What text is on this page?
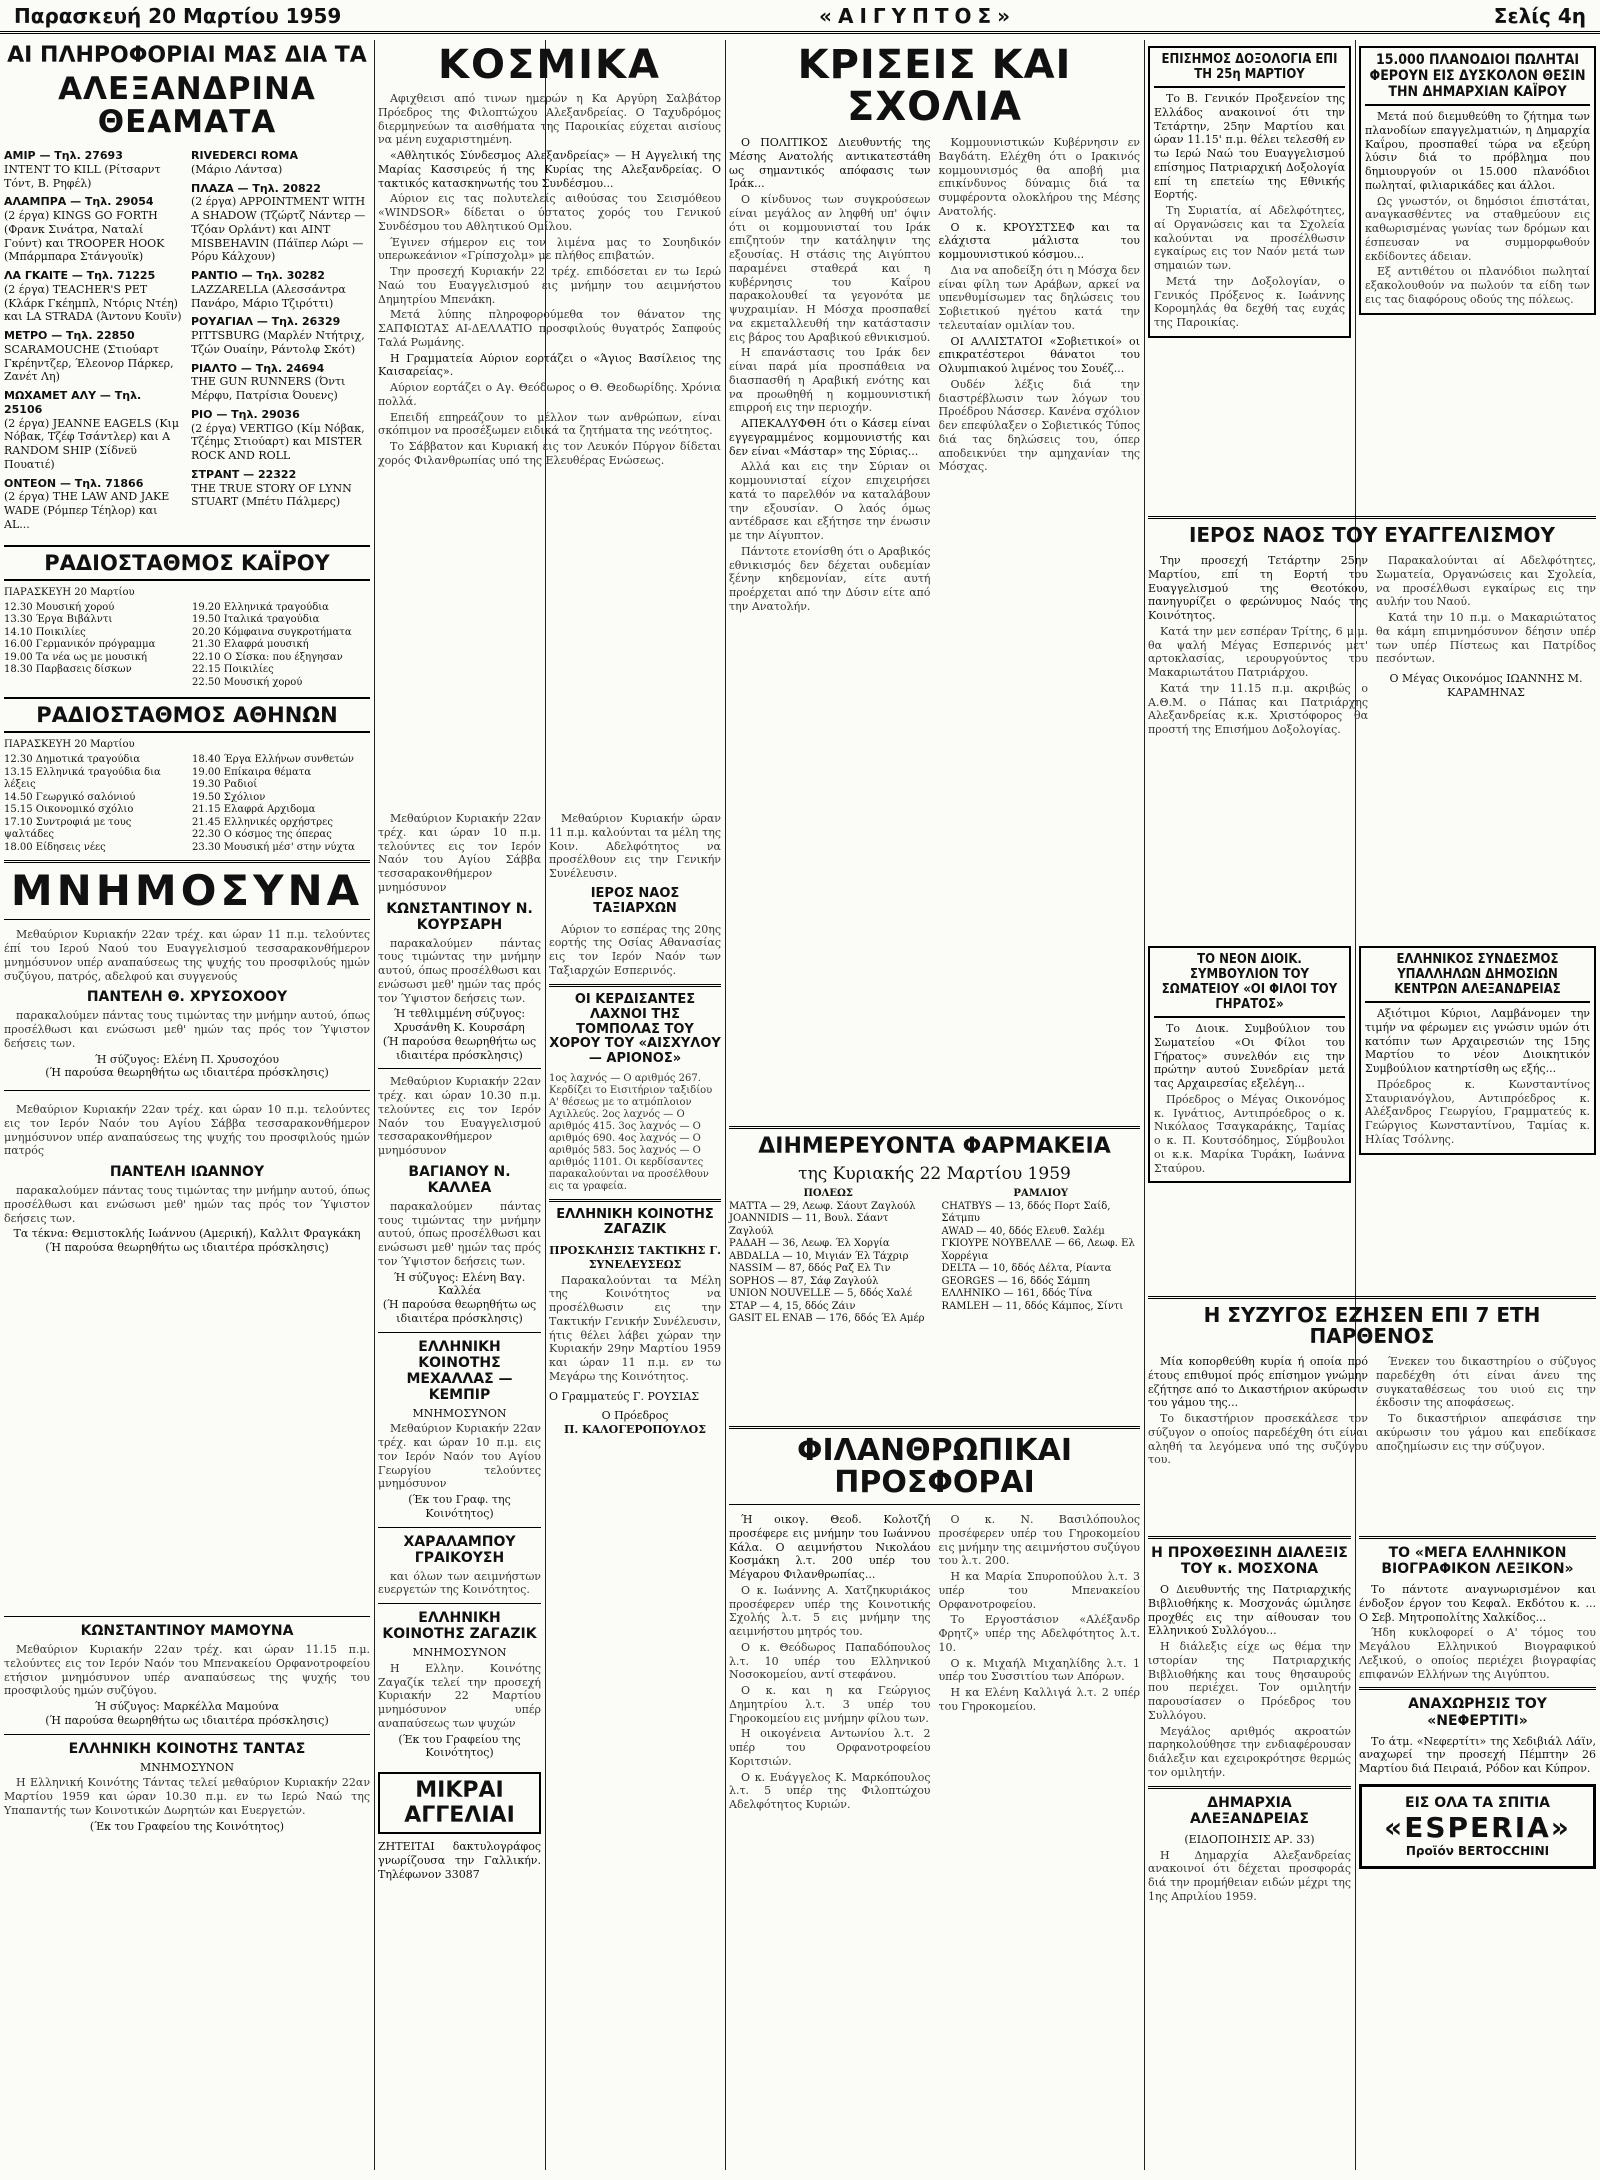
Παρασκευή 20 Μαρτίου 1959	«ΑΙΓΥΠΤΟΣ»	Σελίς 4η
ΑΙ ΠΛΗΡΟΦΟΡΙΑΙ ΜΑΣ ΔΙΑ ΤΑ
ΑΛΕΞΑΝΔΡΙΝΑ ΘΕΑΜΑΤΑ
ΑΜΙΡ — Τηλ. 27693
INTENT TO KILL (Ρίτσαρντ Τόντ, Β. Ρηφέλ)
ΑΛΑΜΠΡΑ — Τηλ. 29054
(2 έργα) KINGS GO FORTH (Φρανκ Σινάτρα, Ναταλί Γούντ) και TROOPER HOOK (Μπάρμπαρα Στάνγουϊκ)
ΛΑ ΓΚΑΙΤΕ — Τηλ. 71225
(2 έργα) TEACHER'S PET (Κλάρκ Γκέημπλ, Ντόρις Ντέη) και LA STRADA (Άντονυ Κουϊν)
ΜΕΤΡΟ — Τηλ. 22850
SCARAMOUCHE (Στιούαρτ Γκρέηντζερ, Έλεονορ Πάρκερ, Ζανέτ Λη)
ΜΩΧΑΜΕΤ ΑΛΥ — Τηλ. 25106
(2 έργα) JEANNE EAGELS (Κιμ Νόβακ, Τζέφ Τσάντλερ) και A RANDOM SHIP (Σίδνεϋ Πουατιέ)
ΟΝΤΕΟΝ — Τηλ. 71866
(2 έργα) THE LAW AND JAKE WADE (Ρόμπερ Τέηλορ) και AL...
RIVEDERCI ROMA
(Μάριο Λάντσα)
ΠΛΑΖΑ — Τηλ. 20822
(2 έργα) APPOINTMENT WITH A SHADOW (Τζώρτζ Νάντερ — Τζόαν Ορλάντ) και AINT MISBEHAVIN (Πάϊπερ Λώρι — Ρόρυ Κάλχουν)
ΡΑΝΤΙΟ — Τηλ. 30282
LAZZARELLA (Αλεσσάντρα Πανάρο, Μάριο Τζιρόττι)
ΡΟΥΑΓΙΑΛ — Τηλ. 26329
PITTSBURG (Μαρλέν Ντήτριχ, Τζών Ουαίην, Ράντολφ Σκότ)
ΡΙΑΛΤΟ — Τηλ. 24694
THE GUN RUNNERS (Όντι Μέρφυ, Πατρίσια Όουενς)
ΡΙΟ — Τηλ. 29036
(2 έργα) VERTIGO (Κίμ Νόβακ, Τζέημς Στιούαρτ) και MISTER ROCK AND ROLL
ΣΤΡΑΝΤ — 22322
THE TRUE STORY OF LYNN STUART (Μπέτυ Πάλμερς)
ΡΑΔΙΟΣΤΑΘΜΟΣ ΚΑΪΡΟΥ
ΠΑΡΑΣΚΕΥΗ 20 Μαρτίου
12.30 Μουσική χορού
13.30 Έργα Βιβάλντι
14.10 Ποικιλίες
16.00 Γερμανικόν πρόγραμμα
19.00 Τα νέα ως με μουσική
18.30 Παρβασεις δίσκων
19.20 Ελληνικά τραγούδια
19.50 Ιταλικά τραγούδια
20.20 Κόμφαινα συγκροτήματα
21.30 Ελαφρά μουσική
22.10 Ο Σίσκα: που έξηγησαν
22.15 Ποικιλίες
22.50 Μουσική χορού
ΡΑΔΙΟΣΤΑΘΜΟΣ ΑΘΗΝΩΝ
ΠΑΡΑΣΚΕΥΗ 20 Μαρτίου
12.30 Δημοτικά τραγούδια
13.15 Ελληνικά τραγούδια δια λέξεις
14.50 Γεωργικό σαλόνιού
15.15 Οικονομικό σχόλιο
17.10 Συντροφιά με τους ψαλτάδες
18.00 Είδησεις νέες
18.40 Έργα Ελλήνων συνθετών
19.00 Επίκαιρα θέματα
19.30 Ραδιοί
19.50 Σχόλιον
21.15 Ελαφρά Αρχιδομα
21.45 Ελληνικές ορχήστρες
22.30 Ο κόσμος της όπερας
23.30 Μουσική μέσ' στην νύχτα
ΜΝΗΜΟΣΥΝΑ
Μεθαύριον Κυριακήν 22αν τρέχ. και ώραν 11 π.μ. τελούντες έπί του Ιερού Ναού του Ευαγγελισμού τεσσαρακονθήμερον μνημόσυνον υπέρ αναπαύσεως της ψυχής του προσφιλούς ημών συζύγου, πατρός, αδελφού και συγγενούς
ΠΑΝΤΕΛΗ Θ. ΧΡΥΣΟΧΟΟΥ
παρακαλούμεν πάντας τους τιμώντας την μνήμην αυτού, όπως προσέλθωσι και ενώσωσι μεθ' ημών τας πρός τον Ύψιστον δεήσεις των.
Ή σύζυγος: Ελένη Π. Χρυσοχόου
(Ή παρούσα θεωρηθήτω ως ιδιαιτέρα πρόσκλησις)
Μεθαύριον Κυριακήν 22αν τρέχ. και ώραν 10 π.μ. τελούντες εις τον Ιερόν Ναόν του Αγίου Σάββα τεσσαρακονθήμερον μνημόσυνον υπέρ αναπαύσεως της ψυχής του προσφιλούς ημών πατρός
ΠΑΝΤΕΛΗ ΙΩΑΝΝΟΥ
παρακαλούμεν πάντας τους τιμώντας την μνήμην αυτού, όπως προσέλθωσι και ενώσωσι μεθ' ημών τας πρός τον Ύψιστον δεήσεις των.
Τα τέκνα: Θεμιστοκλής Ιωάννου (Αμερική), Καλλιτ Φραγκάκη
(Ή παρούσα θεωρηθήτω ως ιδιαιτέρα πρόσκλησις)
Μεθαύριον Κυριακήν 22αν τρέχ. και ώραν 10 π.μ. τελούντες εις τον Ιερόν Ναόν του Αγίου Σάββα τεσσαρακονθήμερον μνημόσυνον
ΚΩΝΣΤΑΝΤΙΝΟΥ Ν. ΚΟΥΡΣΑΡΗ
παρακαλούμεν πάντας τους τιμώντας την μνήμην αυτού, όπως προσέλθωσι και ενώσωσι μεθ' ημών τας πρός τον Ύψιστον δεήσεις των.
Ή τεθλιμμένη σύζυγος: Χρυσάνθη Κ. Κουρσάρη
(Ή παρούσα θεωρηθήτω ως ιδιαιτέρα πρόσκλησις)
Μεθαύριον Κυριακήν 22αν τρέχ. και ώραν 10.30 π.μ. τελούντες εις τον Ιερόν Ναόν του Ευαγγελισμού τεσσαρακονθήμερον μνημόσυνον
ΒΑΓΙΑΝΟΥ Ν. ΚΑΛΛΕΑ
παρακαλούμεν πάντας τους τιμώντας την μνήμην αυτού, όπως προσέλθωσι και ενώσωσι μεθ' ημών τας πρός τον Ύψιστον δεήσεις των.
Ή σύζυγος: Ελένη Βαγ. Καλλέα
(Ή παρούσα θεωρηθήτω ως ιδιαιτέρα πρόσκλησις)
ΕΛΛΗΝΙΚΗ ΚΟΙΝΟΤΗΣ ΜΕΧΑΛΛΑΣ — ΚΕΜΠΙΡ
ΜΝΗΜΟΣΥΝΟΝ
Μεθαύριον Κυριακήν 22αν τρέχ. και ώραν 10 π.μ. εις τον Ιερόν Ναόν του Αγίου Γεωργίου τελούντες μνημόσυνον
(Έκ του Γραφ. της Κοινότητος)
ΧΑΡΑΛΑΜΠΟΥ ΓΡΑΙΚΟΥΣΗ
και όλων των αειμνήστων ευεργετών της Κοινότητος.
ΕΛΛΗΝΙΚΗ ΚΟΙΝΟΤΗΣ ΖΑΓΑΖΙΚ
ΜΝΗΜΟΣΥΝΟΝ
Η Ελλην. Κοινότης Ζαγαζίκ τελεί την προσεχή Κυριακήν 22 Μαρτίου μνημόσυνον υπέρ αναπαύσεως των ψυχών
(Έκ του Γραφείου της Κοινότητος)
ΜΙΚΡΑΙ
ΑΓΓΕΛΙΑΙ
ΖΗΤΕΙΤΑΙ δακτυλογράφος γνωρίζουσα την Γαλλικήν. Τηλέφωνον 33087
ΚΩΝΣΤΑΝΤΙΝΟΥ ΜΑΜΟΥΝΑ
Μεθαύριον Κυριακήν 22αν τρέχ. και ώραν 11.15 π.μ. τελούντες εις τον Ιερόν Ναόν του Μπενακείου Ορφανοτροφείου ετήσιον μνημόσυνον υπέρ αναπαύσεως της ψυχής του προσφιλούς ημών συζύγου.
Ή σύζυγος: Μαρκέλλα Μαμούνα
(Ή παρούσα θεωρηθήτω ως ιδιαιτέρα πρόσκλησις)
ΕΛΛΗΝΙΚΗ ΚΟΙΝΟΤΗΣ ΤΑΝΤΑΣ
ΜΝΗΜΟΣΥΝΟΝ
Η Ελληνική Κοινότης Τάντας τελεί μεθαύριον Κυριακήν 22αν Μαρτίου 1959 και ώραν 10.30 π.μ. εν τω Ιερώ Ναώ της Υπαπαντής των Κοινοτικών Δωρητών και Ευεργετών.
(Έκ του Γραφείου της Κοινότητος)
ΚΟΣΜΙΚΑ
Αφιχθεισι από τινων ημερών η Κα Αργύρη Σαλβάτορ Πρόεδρος της Φιλοπτώχου Αλεξανδρείας. Ο Ταχυδρόμος διερμηνεύων τα αισθήματα της Παροικίας εύχεται αισίους να μένη ευχαριστημένη.
«Αθλητικός Σύνδεσμος Αλεξανδρείας» — Η Αγγελική της Μαρίας Κασσιρεύς ή της Κυρίας της Αλεξανδρείας. Ο τακτικός κατασκηνωτής του Συνδέσμου...
Αύριον εις τας πολυτελείς αιθούσας του Σεισμόθεου «WINDSOR» δίδεται ο ύστατος χορός του Γενικού Συνδέσμου του Αθλητικού Ομίλου.
Έγινεν σήμερον εις τον λιμένα μας το Σουηδικόν υπερωκεάνιον «Γρίπσχολμ» με πλήθος επιβατών.
Την προσεχή Κυριακήν 22 τρέχ. επιδόσεται εν τω Ιερώ Ναώ του Ευαγγελισμού εις μνήμην του αειμνήστου Δημητρίου Μπενάκη.
Μετά λύπης πληροφορούμεθα τον θάνατον της ΣΑΠΦΙΩΤΑΣ ΑΙ-ΔΕΛΛΑΤΙΟ προσφιλούς θυγατρός Σαπφούς Ταλά Ρωμάνης.
Η Γραμματεία Αύριον εορτάζει ο «Άγιος Βασίλειος της Καισαρείας».
Αύριον εορτάζει ο Αγ. Θεόδωρος ο Θ. Θεοδωρίδης. Χρόνια πολλά.
Επειδή επηρεάζουν το μέλλον των ανθρώπων, είναι σκόπιμον να προσέξωμεν ειδικά τα ζητήματα της νεότητος.
Το Σάββατον και Κυριακή εις τον Λευκόν Πύργον δίδεται χορός Φιλανθρωπίας υπό της Ελευθέρας Ενώσεως.
Μεθαύριον Κυριακήν ώραν 11 π.μ. καλούνται τα μέλη της Κοιν. Αδελφότητος να προσέλθουν εις την Γενικήν Συνέλευσιν.
ΙΕΡΟΣ ΝΑΟΣ ΤΑΞΙΑΡΧΩΝ
Αύριον το εσπέρας της 20ης εορτής της Οσίας Αθανασίας εις τον Ιερόν Ναόν των Ταξιαρχών Εσπερινός.
ΟΙ ΚΕΡΔΙΣΑΝΤΕΣ ΛΑΧΝΟΙ ΤΗΣ ΤΟΜΠΟΛΑΣ ΤΟΥ ΧΟΡΟΥ ΤΟΥ «ΑΙΣΧΥΛΟΥ — ΑΡΙΟΝΟΣ»
1ος λαχνός — Ο αριθμός 267. Κερδίζει το Εισιτήριον ταξιδίου Α' θέσεως με το ατμόπλοιον Αχιλλεύς. 2ος λαχνός — Ο αριθμός 415. 3ος λαχνός — Ο αριθμός 690. 4ος λαχνός — Ο αριθμός 583. 5ος λαχνός — Ο αριθμός 1101. Οι κερδίσαντες παρακαλούνται να προσέλθουν εις τα γραφεία.
ΕΛΛΗΝΙΚΗ ΚΟΙΝΟΤΗΣ ΖΑΓΑΖΙΚ
ΠΡΟΣΚΛΗΣΙΣ ΤΑΚΤΙΚΗΣ Γ. ΣΥΝΕΛΕΥΣΕΩΣ
Παρακαλούνται τα Μέλη της Κοινότητος να προσέλθωσιν εις την Τακτικήν Γενικήν Συνέλευσιν, ήτις θέλει λάβει χώραν την Κυριακήν 29ην Μαρτίου 1959 και ώραν 11 π.μ. εν τω Μεγάρω της Κοινότητος.
Ο Γραμματεύς Γ. ΡΟΥΣΙΑΣ
Ο Πρόεδρος
Π. ΚΑΛΟΓΕΡΟΠΟΥΛΟΣ
ΚΡΙΣΕΙΣ ΚΑΙ ΣΧΟΛΙΑ
Ο ΠΟΛΙΤΙΚΟΣ Διευθυντής της Μέσης Ανατολής αντικατεστάθη ως σημαντικός απόφασις των Ιράκ...
Ο κίνδυνος των συγκρούσεων είναι μεγάλος αν ληφθή υπ' όψιν ότι οι κομμουνισταί του Ιράκ επιζητούν την κατάληψιν της εξουσίας. Η στάσις της Αιγύπτου παραμένει σταθερά και η κυβέρνησις του Καΐρου παρακολουθεί τα γεγονότα με ψυχραιμίαν. Η Μόσχα προσπαθεί να εκμεταλλευθή την κατάστασιν εις βάρος του Αραβικού εθνικισμού.
Η επανάστασις του Ιράκ δεν είναι παρά μία προσπάθεια να διασπασθή η Αραβική ενότης και να προωθηθή η κομμουνιστική επιρροή εις την περιοχήν.
ΑΠΕΚΑΛΥΦΘΗ ότι ο Κάσεμ είναι εγγεγραμμένος κομμουνιστής και δεν είναι «Μάσταρ» της Σύριας...
Αλλά και εις την Σύριαν οι κομμουνισταί είχον επιχειρήσει κατά το παρελθόν να καταλάβουν την εξουσίαν. Ο λαός όμως αντέδρασε και εξήτησε την ένωσιν με την Αίγυπτον.
Πάντοτε ετονίσθη ότι ο Αραβικός εθνικισμός δεν δέχεται ουδεμίαν ξένην κηδεμονίαν, είτε αυτή προέρχεται από την Δύσιν είτε από την Ανατολήν.
Κομμουνιστικών Κυβέρνησιν εν Βαγδάτη. Ελέχθη ότι ο Ιρακινός κομμουνισμός θα αποβή μια επικίνδυνος δύναμις διά τα συμφέροντα ολοκλήρου της Μέσης Ανατολής.
Ο κ. ΚΡΟΥΣΤΣΕΦ και τα ελάχιστα μάλιστα του κομμουνιστικού κόσμου...
Δια να αποδείξη ότι η Μόσχα δεν είναι φίλη των Αράβων, αρκεί να υπενθυμίσωμεν τας δηλώσεις του Σοβιετικού ηγέτου κατά την τελευταίαν ομιλίαν του.
ΟΙ ΑΛΛΙΣΤΑΤΟΙ «Σοβιετικοί» οι επικρατέστεροι θάνατοι του Ολυμπιακού λιμένος του Σουέζ...
Ουδέν λέξις διά την διαστρέβλωσιν των λόγων του Προέδρου Νάσσερ. Κανένα σχόλιον δεν επεφύλαξεν ο Σοβιετικός Τύπος διά τας δηλώσεις του, όπερ αποδεικνύει την αμηχανίαν της Μόσχας.
ΔΙΗΜΕΡΕΥΟΝΤΑ ΦΑΡΜΑΚΕΙΑ
της Κυριακής 22 Μαρτίου 1959
ΠΟΛΕΩΣ
ΜΑΤΤΑ — 29, Λεωφ. Σάουτ Ζαγλούλ
JOANNIDIS — 11, Βουλ. Σάαντ Ζαγλούλ
ΡΑΔΑΗ — 36, Λεωφ. Έλ Χοργία
ABDALLA — 10, Μιγιάν Έλ Τάχριρ
NASSIM — 87, δδός Ραζ Ελ Τιν
SOPHOS — 87, Σάφ Ζαγλούλ
UNION NOUVELLE — 5, δδός Χαλέ
ΣΤΑΡ — 4, 15, δδός Ζάιν
GASIT EL ENAB — 176, δδός Έλ Αμέρ
ΡΑΜΛΙΟΥ
CHATBYS — 13, δδός Πορτ Σαίδ, Σάτμπυ
AWAD — 40, δδός Ελευθ. Σαλέμ
ΓΚΙΟΥΡΕ ΝΟΥΒΕΛΛΕ — 66, Λεωφ. Ελ Χορρέγια
DELTA — 10, δδός Δέλτα, Ρίαντα
GEORGES — 16, δδός Σάμπη
ΕΛΛΗΝΙΚΟ — 161, δδός Τίνα
RAMLEH — 11, δδός Κάμπος, Σίντι
ΦΙΛΑΝΘΡΩΠΙΚΑΙ ΠΡΟΣΦΟΡΑΙ
Ή οικογ. Θεοδ. Κολοτζή προσέφερε εις μνήμην του Ιωάννου Κάλα. Ο αειμνήστου Νικολάου Κοσμάκη λ.τ. 200 υπέρ του Μέγαρου Φιλανθρωπίας...
Ο κ. Ιωάννης Α. Χατζηκυριάκος προσέφερεν υπέρ της Κοινοτικής Σχολής λ.τ. 5 εις μνήμην της αειμνήστου μητρός του.
Ο κ. Θεόδωρος Παπαδόπουλος λ.τ. 10 υπέρ του Ελληνικού Νοσοκομείου, αντί στεφάνου.
Ο κ. και η κα Γεώργιος Δημητρίου λ.τ. 3 υπέρ του Γηροκομείου εις μνήμην φίλου των.
Η οικογένεια Αντωνίου λ.τ. 2 υπέρ του Ορφανοτροφείου Κοριτσιών.
Ο κ. Ευάγγελος Κ. Μαρκόπουλος λ.τ. 5 υπέρ της Φιλοπτώχου Αδελφότητος Κυριών.
Ο κ. Ν. Βασιλόπουλος προσέφερεν υπέρ του Γηροκομείου εις μνήμην της αειμνήστου συζύγου του λ.τ. 200.
Η κα Μαρία Σπυροπούλου λ.τ. 3 υπέρ του Μπενακείου Ορφανοτροφείου.
Το Εργοστάσιον «Αλέξανδρ Φρητζ» υπέρ της Αδελφότητος λ.τ. 10.
Ο κ. Μιχαήλ Μιχαηλίδης λ.τ. 1 υπέρ του Συσσιτίου των Απόρων.
Η κα Ελένη Καλλιγά λ.τ. 2 υπέρ του Γηροκομείου.
ΕΠΙΣΗΜΟΣ ΔΟΞΟΛΟΓΙΑ ΕΠΙ ΤΗ 25η ΜΑΡΤΙΟΥ
Το Β. Γενικόν Προξενείον της Ελλάδος ανακοινοί ότι την Τετάρτην, 25ην Μαρτίου και ώραν 11.15' π.μ. θέλει τελεσθή εν τω Ιερώ Ναώ του Ευαγγελισμού επίσημος Πατριαρχική Δοξολογία επί τη επετείω της Εθνικής Εορτής.
Τη Συριατία, αί Αδελφότητες, αί Οργανώσεις και τα Σχολεία καλούνται να προσέλθωσιν εγκαίρως εις τον Ναόν μετά των σημαιών των.
Μετά την Δοξολογίαν, ο Γενικός Πρόξενος κ. Ιωάννης Κορομηλάς θα δεχθή τας ευχάς της Παροικίας.
15.000 ΠΛΑΝΟΔΙΟΙ ΠΩΛΗΤΑΙ ΦΕΡΟΥΝ ΕΙΣ ΔΥΣΚΟΛΟΝ ΘΕΣΙΝ ΤΗΝ ΔΗΜΑΡΧΙΑΝ ΚΑΪΡΟΥ
Μετά πού διεμυθεύθη το ζήτημα των πλανοδίων επαγγελματιών, η Δημαρχία Καΐρου, προσπαθεί τώρα να εξεύρη λύσιν διά το πρόβλημα που δημιουργούν οι 15.000 πλανόδιοι πωληταί, φιλιαρικάδες και άλλοι.
Ως γνωστόν, οι δημόσιοι έπιστάται, αναγκασθέντες να σταθμεύουν εις καθωρισμένας γωνίας των δρόμων και έσπευσαν να συμμορφωθούν εκδίδοντες άδειαν.
Εξ αντιθέτου οι πλανόδιοι πωληταί εξακολουθούν να πωλούν τα είδη των εις τας διαφόρους οδούς της πόλεως.
ΙΕΡΟΣ ΝΑΟΣ ΤΟΥ ΕΥΑΓΓΕΛΙΣΜΟΥ
Την προσεχή Τετάρτην 25ην Μαρτίου, επί τη Εορτή του Ευαγγελισμού της Θεοτόκου, πανηγυρίζει ο φερώνυμος Ναός της Κοινότητος.
Κατά την μεν εσπέραν Τρίτης, 6 μ.μ. θα ψαλή Μέγας Εσπερινός μετ' αρτοκλασίας, ιερουργούντος του Μακαριωτάτου Πατριάρχου.
Κατά την 11.15 π.μ. ακριβώς ο Α.Θ.Μ. ο Πάπας και Πατριάρχης Αλεξανδρείας κ.κ. Χριστόφορος θα προστή της Επισήμου Δοξολογίας.
Παρακαλούνται αί Αδελφότητες, Σωματεία, Οργανώσεις και Σχολεία, να προσέλθωσι εγκαίρως εις την αυλήν του Ναού.
Κατά την 10 π.μ. ο Μακαριώτατος θα κάμη επιμνημόσυνον δέησιν υπέρ των υπέρ Πίστεως και Πατρίδος πεσόντων.
Ο Μέγας Οικονόμος ΙΩΑΝΝΗΣ Μ. ΚΑΡΑΜΗΝΑΣ
ΤΟ ΝΕΟΝ ΔΙΟΙΚ. ΣΥΜΒΟΥΛΙΟΝ ΤΟΥ ΣΩΜΑΤΕΙΟΥ «ΟΙ ΦΙΛΟΙ ΤΟΥ ΓΗΡΑΤΟΣ»
Το Διοικ. Συμβούλιον του Σωματείου «Οι Φίλοι του Γήρατος» συνελθόν εις την πρώτην αυτού Συνεδρίαν μετά τας Αρχαιρεσίας εξελέγη...
Πρόεδρος ο Μέγας Οικονόμος κ. Ιγνάτιος, Αντιπρόεδρος ο κ. Νικόλαος Τσαγκαράκης, Ταμίας ο κ. Π. Κουτσόδημος, Σύμβουλοι οι κ.κ. Μαρίκα Τυράκη, Ιωάννα Σταύρου.
ΕΛΛΗΝΙΚΟΣ ΣΥΝΔΕΣΜΟΣ ΥΠΑΛΛΗΛΩΝ ΔΗΜΟΣΙΩΝ ΚΕΝΤΡΩΝ ΑΛΕΞΑΝΔΡΕΙΑΣ
Αξιότιμοι Κύριοι, Λαμβάνομεν την τιμήν να φέρωμεν εις γνώσιν υμών ότι κατόπιν των Αρχαιρεσιών της 15ης Μαρτίου το νέον Διοικητικόν Συμβούλιον κατηρτίσθη ως εξής...
Πρόεδρος κ. Κωνσταντίνος Σταυριανόγλου, Αντιπρόεδρος κ. Αλέξανδρος Γεωργίου, Γραμματεύς κ. Γεώργιος Κωνσταντίνου, Ταμίας κ. Ηλίας Τσόλνης.
Η ΣΥΖΥΓΟΣ ΕΖΗΣΕΝ ΕΠΙ 7 ΕΤΗ ΠΑΡΘΕΝΟΣ
Μία κοπορθεύθη κυρία ή οποία πρό έτους επιθυμοί πρός επίσημον γνώμην εζήτησε από το Δικαστήριον ακύρωσιν του γάμου της...
Το δικαστήριον προσεκάλεσε τον σύζυγον ο οποίος παρεδέχθη ότι είναι αληθή τα λεγόμενα υπό της συζύγου του.
Ένεκεν του δικαστηρίου ο σύζυγος παρεδέχθη ότι είναι άνευ της συγκαταθέσεως του υιού εις την έκδοσιν της αποφάσεως.
Το δικαστήριον απεφάσισε την ακύρωσιν του γάμου και επεδίκασε αποζημίωσιν εις την σύζυγον.
Η ΠΡΟΧΘΕΣΙΝΗ ΔΙΑΛΕΞΙΣ ΤΟΥ κ. ΜΟΣΧΟΝΑ
Ο Διευθυντής της Πατριαρχικής Βιβλιοθήκης κ. Μοσχονάς ώμιλησε προχθές εις την αίθουσαν του Ελληνικού Συλλόγου...
Η διάλεξις είχε ως θέμα την ιστορίαν της Πατριαρχικής Βιβλιοθήκης και τους θησαυρούς που περιέχει. Τον ομιλητήν παρουσίασεν ο Πρόεδρος του Συλλόγου.
Μεγάλος αριθμός ακροατών παρηκολούθησε την ενδιαφέρουσαν διάλεξιν και εχειροκρότησε θερμώς τον ομιλητήν.
ΔΗΜΑΡΧΙΑ ΑΛΕΞΑΝΔΡΕΙΑΣ
(ΕΙΔΟΠΟΙΗΣΙΣ ΑΡ. 33)
Η Δημαρχία Αλεξανδρείας ανακοινοί ότι δέχεται προσφοράς διά την προμήθειαν ειδών μέχρι της 1ης Απριλίου 1959.
ΤΟ «ΜΕΓΑ ΕΛΛΗΝΙΚΟΝ ΒΙΟΓΡΑΦΙΚΟΝ ΛΕΞΙΚΟΝ»
Το πάντοτε αναγνωρισμένον και ένδοξον έργον του Κεφαλ. Εκδότου κ. ... Ο Σεβ. Μητροπολίτης Χαλκίδος...
Ήδη κυκλοφορεί ο Α' τόμος του Μεγάλου Ελληνικού Βιογραφικού Λεξικού, ο οποίος περιέχει βιογραφίας επιφανών Ελλήνων της Αιγύπτου.
ΑΝΑΧΩΡΗΣΙΣ ΤΟΥ «ΝΕΦΕΡΤΙΤΙ»
Το άτμ. «Νεφερτίτι» της Χεδιβιάλ Λάϊν, αναχωρεί την προσεχή Πέμπτην 26 Μαρτίου διά Πειραιά, Ρόδον και Κύπρον.
ΕΙΣ ΟΛΑ ΤΑ ΣΠΙΤΙΑ
«ESPERIA»
Προϊόν BERTOCCHINI
